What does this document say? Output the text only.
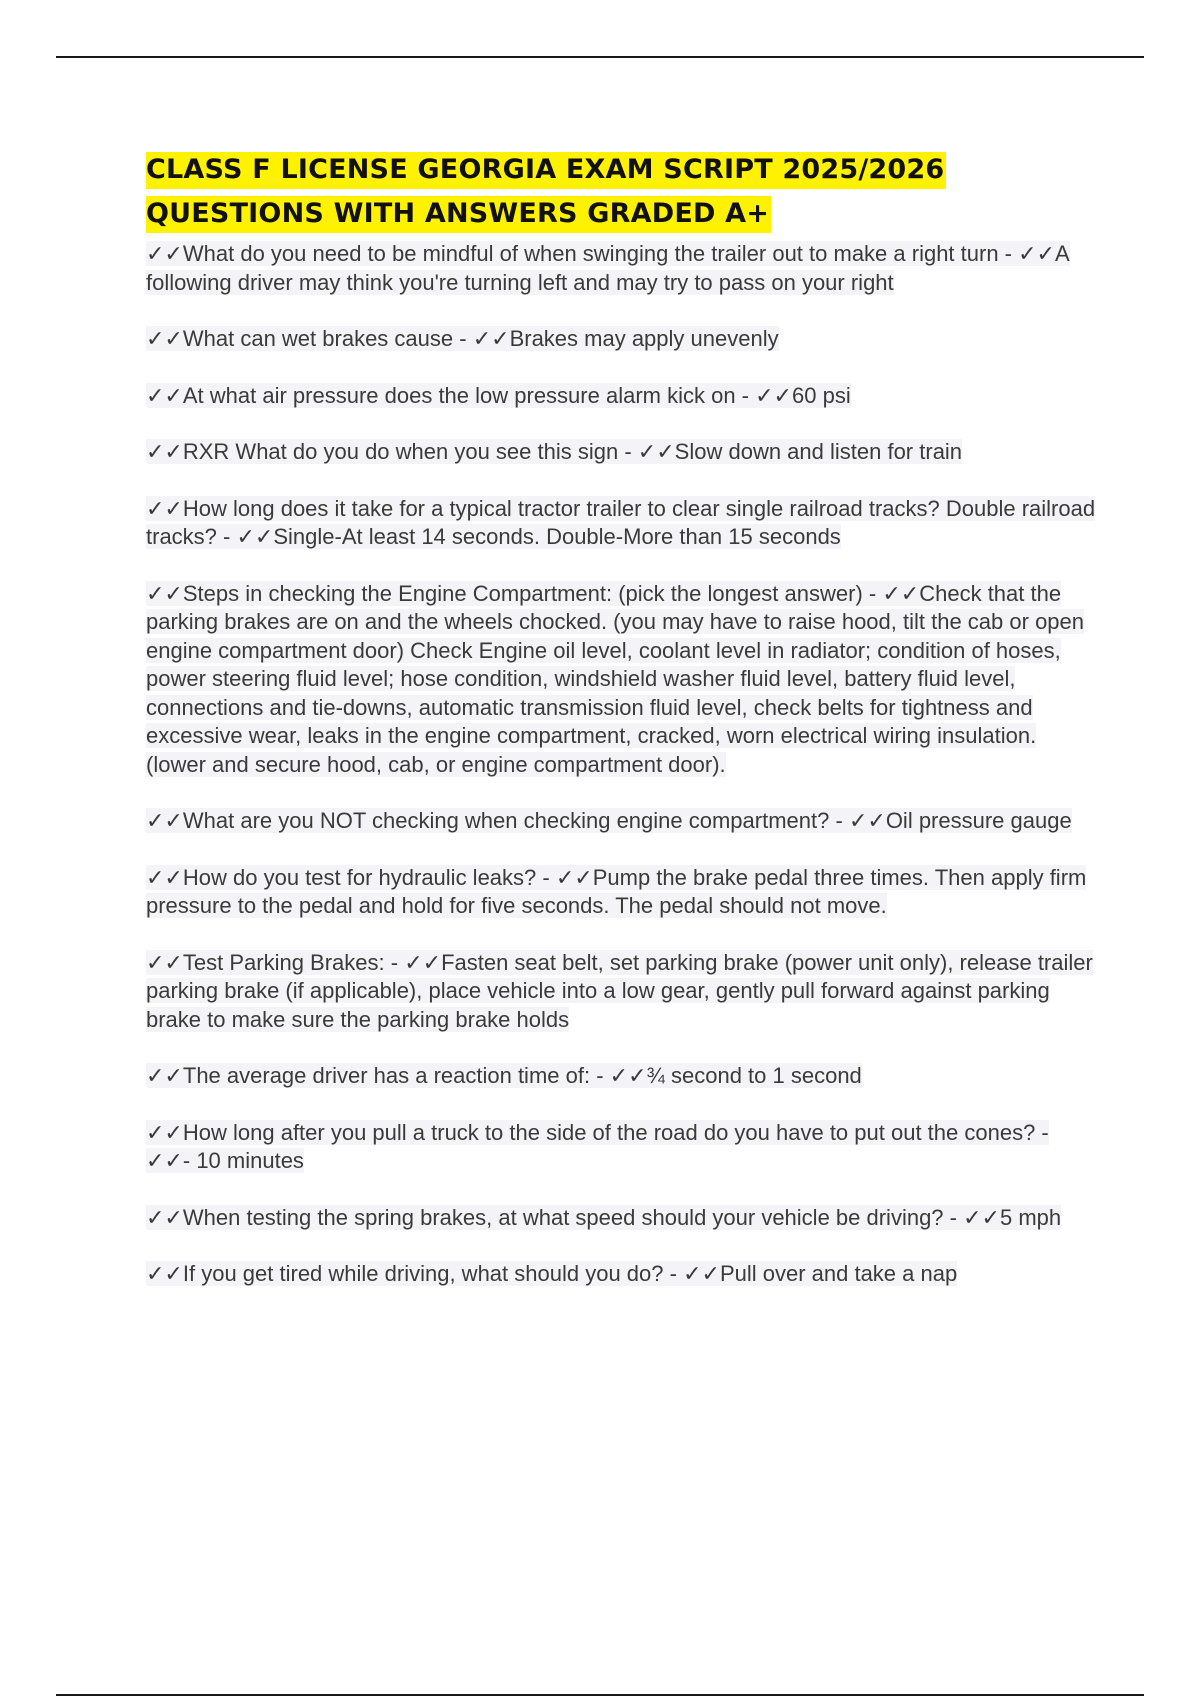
CLASS F LICENSE GEORGIA EXAM SCRIPT 2025/2026 QUESTIONS WITH ANSWERS GRADED A+

✓✓What do you need to be mindful of when swinging the trailer out to make a right turn - ✓✓A following driver may think you're turning left and may try to pass on your right

✓✓What can wet brakes cause - ✓✓Brakes may apply unevenly

✓✓At what air pressure does the low pressure alarm kick on - ✓✓60 psi

✓✓RXR What do you do when you see this sign - ✓✓Slow down and listen for train

✓✓How long does it take for a typical tractor trailer to clear single railroad tracks? Double railroad tracks? - ✓✓Single-At least 14 seconds. Double-More than 15 seconds

✓✓Steps in checking the Engine Compartment: (pick the longest answer) - ✓✓Check that the parking brakes are on and the wheels chocked. (you may have to raise hood, tilt the cab or open engine compartment door) Check Engine oil level, coolant level in radiator; condition of hoses, power steering fluid level; hose condition, windshield washer fluid level, battery fluid level, connections and tie-downs, automatic transmission fluid level, check belts for tightness and excessive wear, leaks in the engine compartment, cracked, worn electrical wiring insulation. (lower and secure hood, cab, or engine compartment door).

✓✓What are you NOT checking when checking engine compartment? - ✓✓Oil pressure gauge

✓✓How do you test for hydraulic leaks? - ✓✓Pump the brake pedal three times. Then apply firm pressure to the pedal and hold for five seconds. The pedal should not move.

✓✓Test Parking Brakes: - ✓✓Fasten seat belt, set parking brake (power unit only), release trailer parking brake (if applicable), place vehicle into a low gear, gently pull forward against parking brake to make sure the parking brake holds

✓✓The average driver has a reaction time of: - ✓✓¾ second to 1 second

✓✓How long after you pull a truck to the side of the road do you have to put out the cones? - ✓✓- 10 minutes

✓✓When testing the spring brakes, at what speed should your vehicle be driving? - ✓✓5 mph

✓✓If you get tired while driving, what should you do? - ✓✓Pull over and take a nap
